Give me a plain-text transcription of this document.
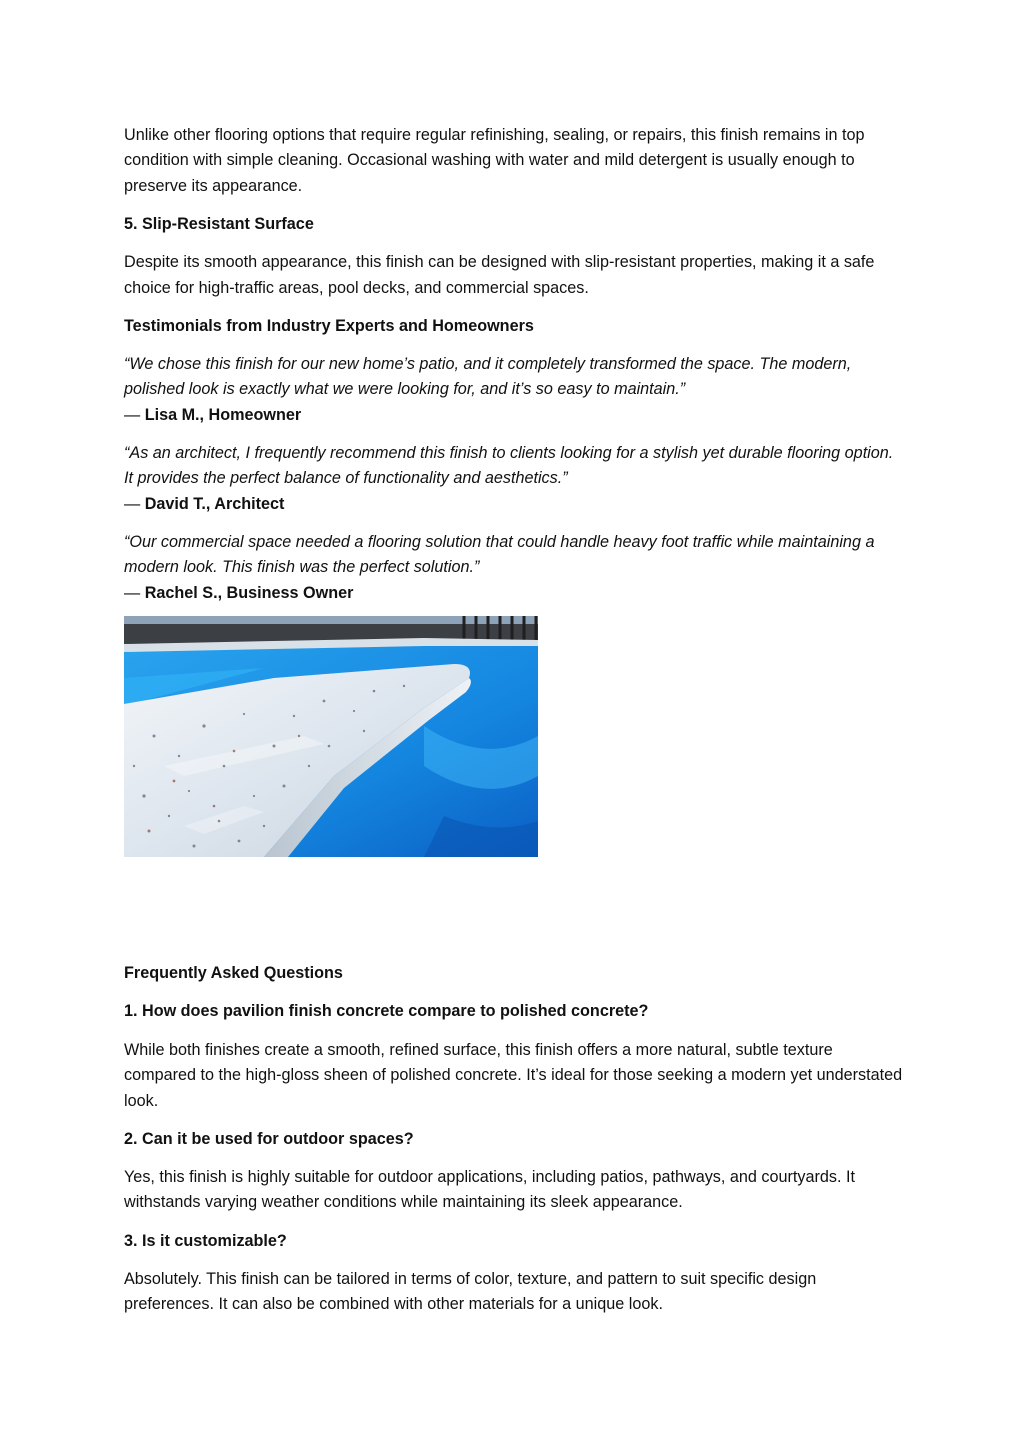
Unlike other flooring options that require regular refinishing, sealing, or repairs, this finish remains in top condition with simple cleaning. Occasional washing with water and mild detergent is usually enough to preserve its appearance.

5. Slip-Resistant Surface

Despite its smooth appearance, this finish can be designed with slip-resistant properties, making it a safe choice for high-traffic areas, pool decks, and commercial spaces.

Testimonials from Industry Experts and Homeowners

“We chose this finish for our new home’s patio, and it completely transformed the space. The modern, polished look is exactly what we were looking for, and it’s so easy to maintain.”

— Lisa M., Homeowner

“As an architect, I frequently recommend this finish to clients looking for a stylish yet durable flooring option. It provides the perfect balance of functionality and aesthetics.”

— David T., Architect

“Our commercial space needed a flooring solution that could handle heavy foot traffic while maintaining a modern look. This finish was the perfect solution.”

— Rachel S., Business Owner

Frequently Asked Questions

1. How does pavilion finish concrete compare to polished concrete?

While both finishes create a smooth, refined surface, this finish offers a more natural, subtle texture compared to the high-gloss sheen of polished concrete. It’s ideal for those seeking a modern yet understated look.

2. Can it be used for outdoor spaces?

Yes, this finish is highly suitable for outdoor applications, including patios, pathways, and courtyards. It withstands varying weather conditions while maintaining its sleek appearance.

3. Is it customizable?

Absolutely. This finish can be tailored in terms of color, texture, and pattern to suit specific design preferences. It can also be combined with other materials for a unique look.
